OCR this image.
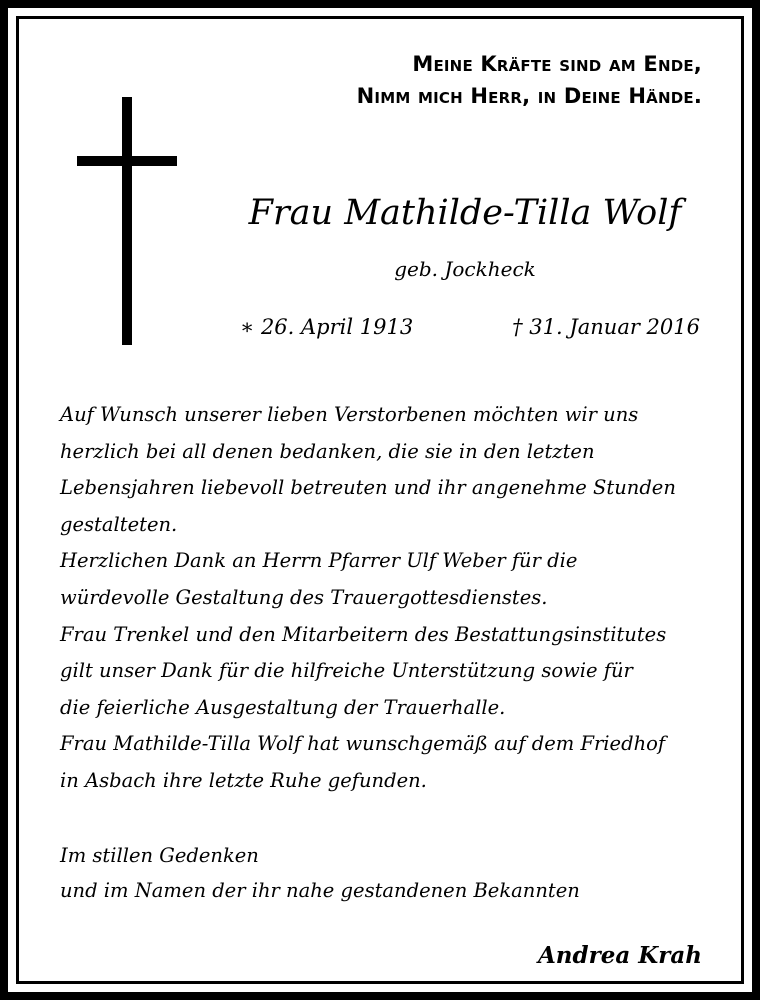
Meine Kräfte sind am Ende,
Nimm mich Herr, in Deine Hände.
Frau Mathilde-Tilla Wolf
geb. Jockheck
∗ 26. April 1913	† 31. Januar 2016
Auf Wunsch unserer lieben Verstorbenen möchten wir uns
herzlich bei all denen bedanken, die sie in den letzten
Lebensjahren liebevoll betreuten und ihr angenehme Stunden
gestalteten.
Herzlichen Dank an Herrn Pfarrer Ulf Weber für die
würdevolle Gestaltung des Trauergottesdienstes.
Frau Trenkel und den Mitarbeitern des Bestattungsinstitutes
gilt unser Dank für die hilfreiche Unterstützung sowie für
die feierliche Ausgestaltung der Trauerhalle.
Frau Mathilde-Tilla Wolf hat wunschgemäß auf dem Friedhof
in Asbach ihre letzte Ruhe gefunden.
Im stillen Gedenken
und im Namen der ihr nahe gestandenen Bekannten
Andrea Krah
